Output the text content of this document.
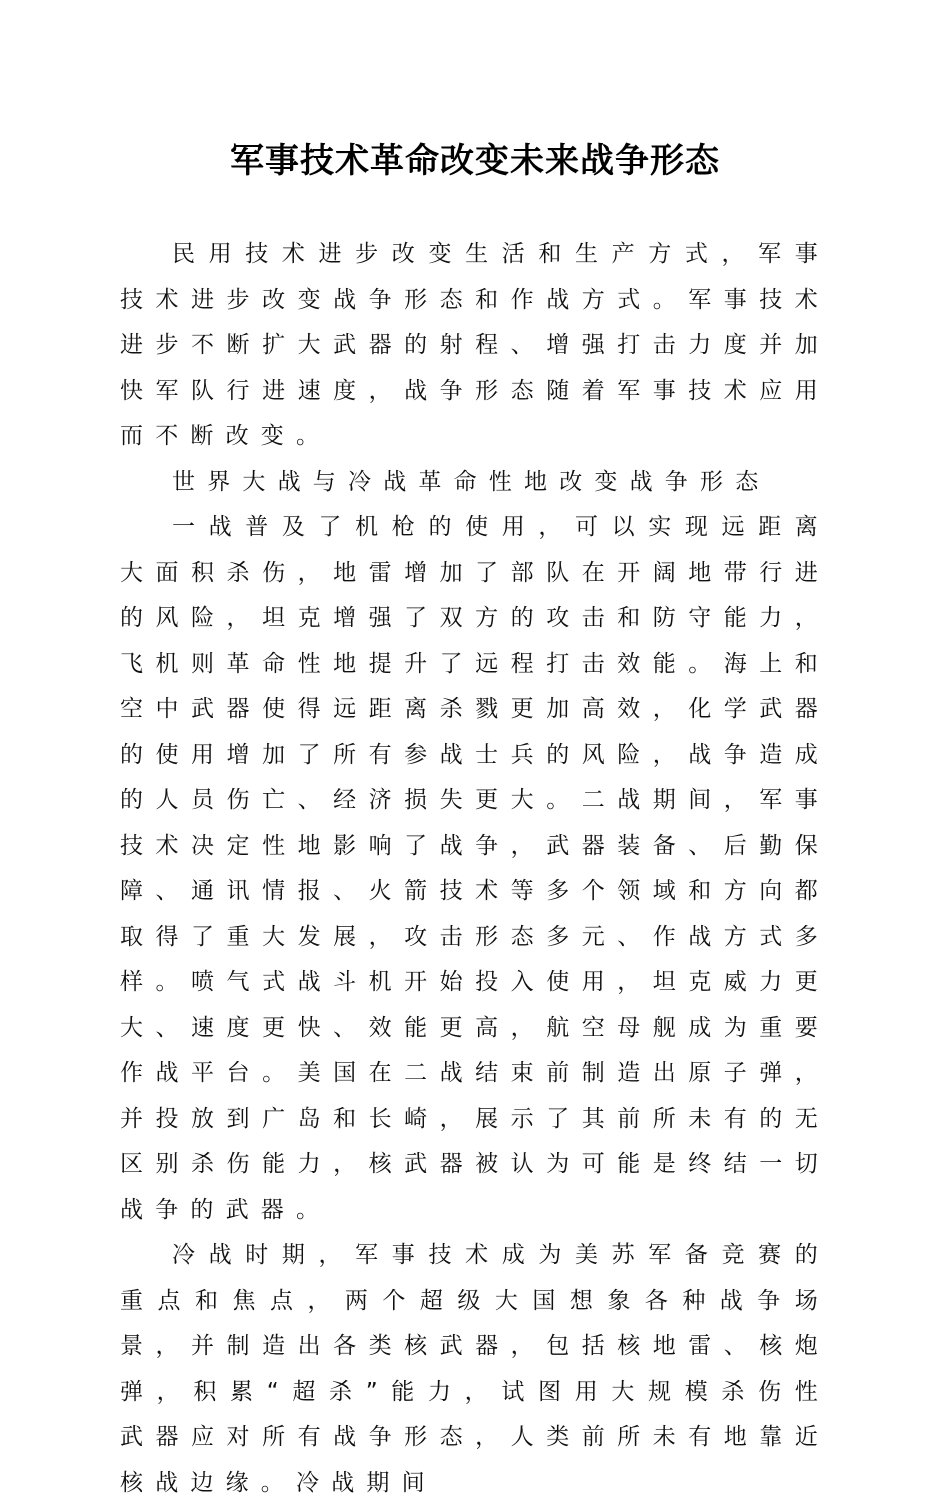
军事技术革命改变未来战争形态

民用技术进步改变生活和生产方式，军事技术进步改变战争形态和作战方式。军事技术进步不断扩大武器的射程、增强打击力度并加快军队行进速度，战争形态随着军事技术应用而不断改变。

世界大战与冷战革命性地改变战争形态

一战普及了机枪的使用，可以实现远距离大面积杀伤，地雷增加了部队在开阔地带行进的风险，坦克增强了双方的攻击和防守能力，飞机则革命性地提升了远程打击效能。海上和空中武器使得远距离杀戮更加高效，化学武器的使用增加了所有参战士兵的风险，战争造成的人员伤亡、经济损失更大。二战期间，军事技术决定性地影响了战争，武器装备、后勤保障、通讯情报、火箭技术等多个领域和方向都取得了重大发展，攻击形态多元、作战方式多样。喷气式战斗机开始投入使用，坦克威力更大、速度更快、效能更高，航空母舰成为重要作战平台。美国在二战结束前制造出原子弹，并投放到广岛和长崎，展示了其前所未有的无区别杀伤能力，核武器被认为可能是终结一切战争的武器。

冷战时期，军事技术成为美苏军备竞赛的重点和焦点，两个超级大国想象各种战争场景，并制造出各类核武器，包括核地雷、核炮弹，积累“超杀”能力，试图用大规模杀伤性武器应对所有战争形态，人类前所未有地靠近核战边缘。冷战期间
